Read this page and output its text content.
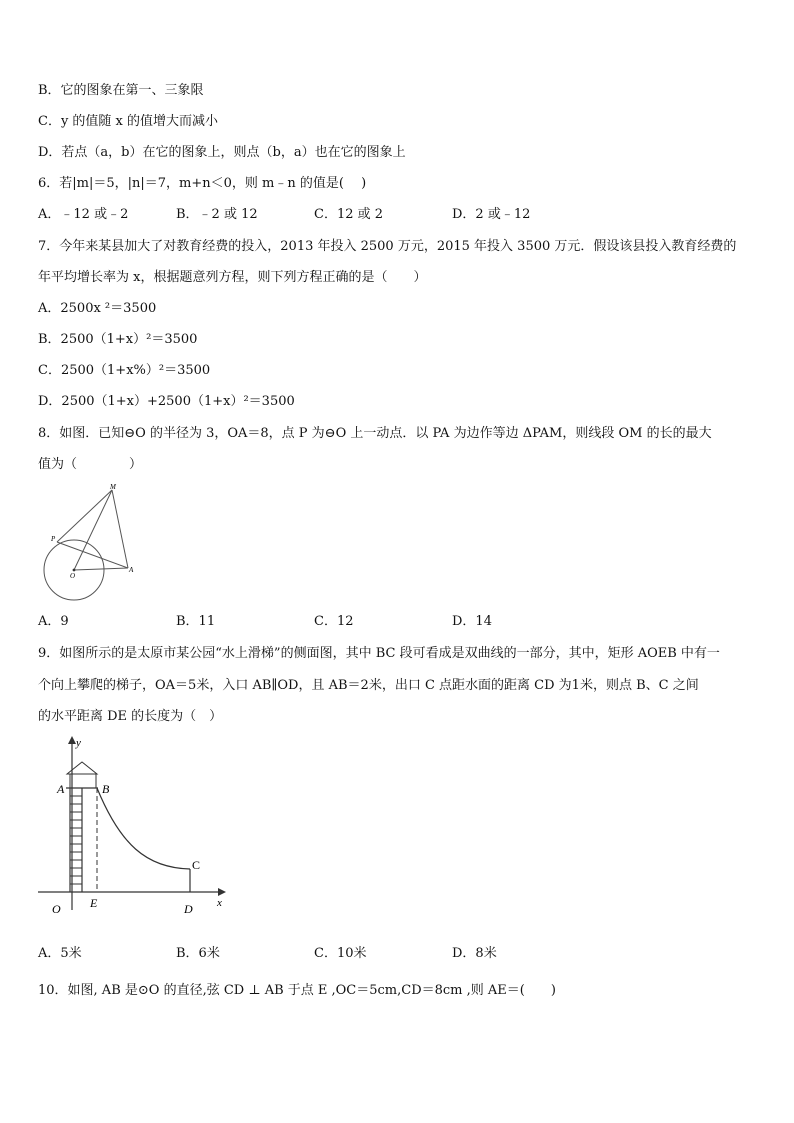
B．它的图象在第一、三象限
C．y 的值随 x 的值增大而减小
D．若点（a，b）在它的图象上，则点（b，a）也在它的图象上
6．若|m|＝5，|n|＝7，m+n＜0，则 m﹣n 的值是(　 )
A．﹣12 或﹣2	B．﹣2 或 12	C．12 或 2	D．2 或﹣12
7．今年来某县加大了对教育经费的投入，2013 年投入 2500 万元，2015 年投入 3500 万元．假设该县投入教育经费的
年平均增长率为 x，根据题意列方程，则下列方程正确的是（　　）
A．2500x ²＝3500
B．2500（1+x）²＝3500
C．2500（1+x%）²＝3500
D．2500（1+x）+2500（1+x）²＝3500
8．如图．已知⊖O 的半径为 3，OA＝8，点 P 为⊖O 上一动点．以 PA 为边作等边 ΔPAM，则线段 OM 的长的最大
值为（　　　　）
M
P
O
A
A．9	B．11	C．12	D．14
9．如图所示的是太原市某公园“水上滑梯”的侧面图，其中 BC 段可看成是双曲线的一部分，其中，矩形 AOEB 中有一
个向上攀爬的梯子，OA＝5米，入口 AB∥OD，且 AB＝2米，出口 C 点距水面的距离 CD 为1米，则点 B、C 之间
的水平距离 DE 的长度为（　）
y
x
A	B
C
O E	D
A．5米	B．6米	C．10米	D．8米
10．如图, AB 是⊙O 的直径,弦 CD ⊥ AB 于点 E ,OC＝5cm,CD＝8cm ,则 AE＝(　　)
